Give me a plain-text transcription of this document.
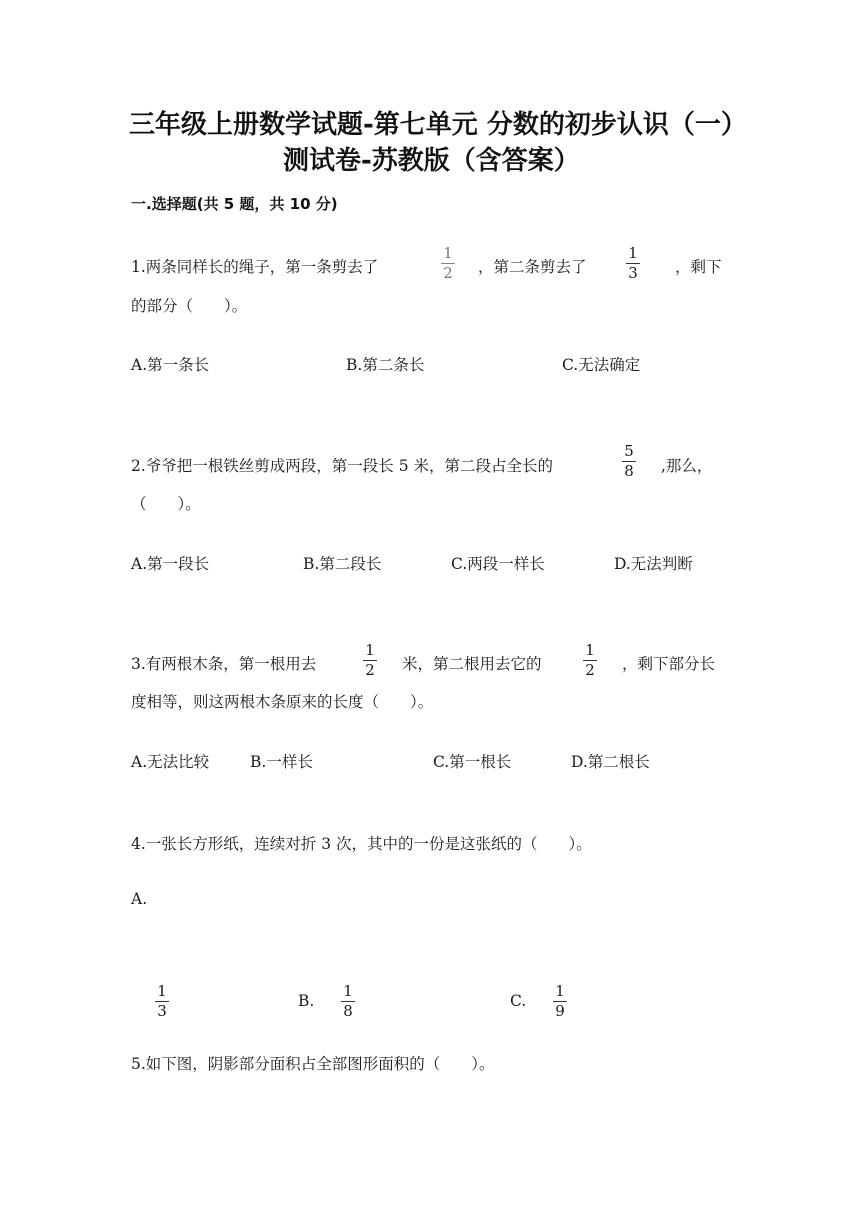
三年级上册数学试题-第七单元 分数的初步认识（一）
测试卷-苏教版（含答案）
一.选择题(共 5 题，共 10 分)
1.两条同样长的绳子，第一条剪去了
1
2 ，第二条剪去了
1
3 ，剩下
的部分（　　）。
A.第一条长	B.第二条长	C.无法确定
2.爷爷把一根铁丝剪成两段，第一段长 5 米，第二段占全长的
5
8 ,那么，
（　　）。
A.第一段长	B.第二段长	C.两段一样长	D.无法判断
3.有两根木条，第一根用去
1
2 米，第二根用去它的
1
2 ，剩下部分长
度相等，则这两根木条原来的长度（　　）。
A.无法比较	B.一样长	C.第一根长	D.第二根长
4.一张长方形纸，连续对折 3 次，其中的一份是这张纸的（　　）。
A.
1
3
B.
1
8
C.
1
9
5.如下图，阴影部分面积占全部图形面积的（　　）。
